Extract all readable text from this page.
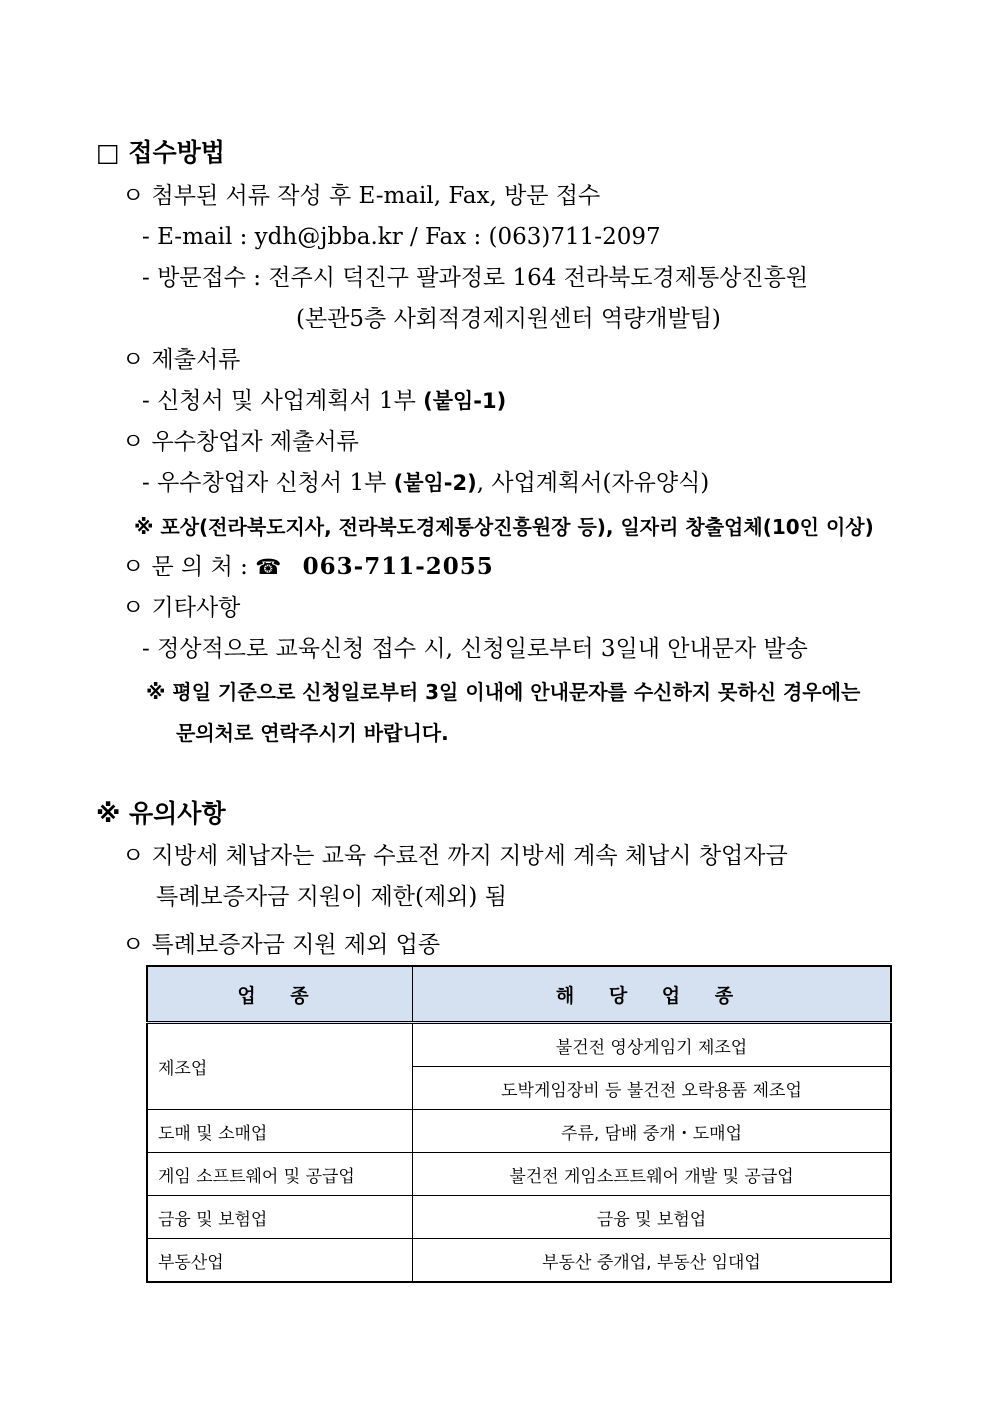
□ 접수방법
ㅇ 첨부된 서류 작성 후 E-mail, Fax, 방문 접수
- E-mail : ydh@jbba.kr / Fax : (063)711-2097
- 방문접수 : 전주시 덕진구 팔과정로 164 전라북도경제통상진흥원
(본관5층 사회적경제지원센터 역량개발팀)
ㅇ 제출서류
- 신청서 및 사업계획서 1부 (붙임-1)
ㅇ 우수창업자 제출서류
- 우수창업자 신청서 1부 (붙임-2), 사업계획서(자유양식)
※ 포상(전라북도지사, 전라북도경제통상진흥원장 등), 일자리 창출업체(10인 이상)
ㅇ 문 의 처 : ☎ 063-711-2055
ㅇ 기타사항
- 정상적으로 교육신청 접수 시, 신청일로부터 3일내 안내문자 발송
※ 평일 기준으로 신청일로부터 3일 이내에 안내문자를 수신하지 못하신 경우에는
문의처로 연락주시기 바랍니다.
※ 유의사항
ㅇ 지방세 체납자는 교육 수료전 까지 지방세 계속 체납시 창업자금
특례보증자금 지원이 제한(제외) 됨
ㅇ 특례보증자금 지원 제외 업종
업 종	해 당 업 종
제조업	불건전 영상게임기 제조업
	도박게임장비 등 불건전 오락용품 제조업
도매 및 소매업	주류, 담배 중개・도매업
게임 소프트웨어 및 공급업	불건전 게임소프트웨어 개발 및 공급업
금융 및 보험업	금융 및 보험업
부동산업	부동산 중개업, 부동산 임대업
